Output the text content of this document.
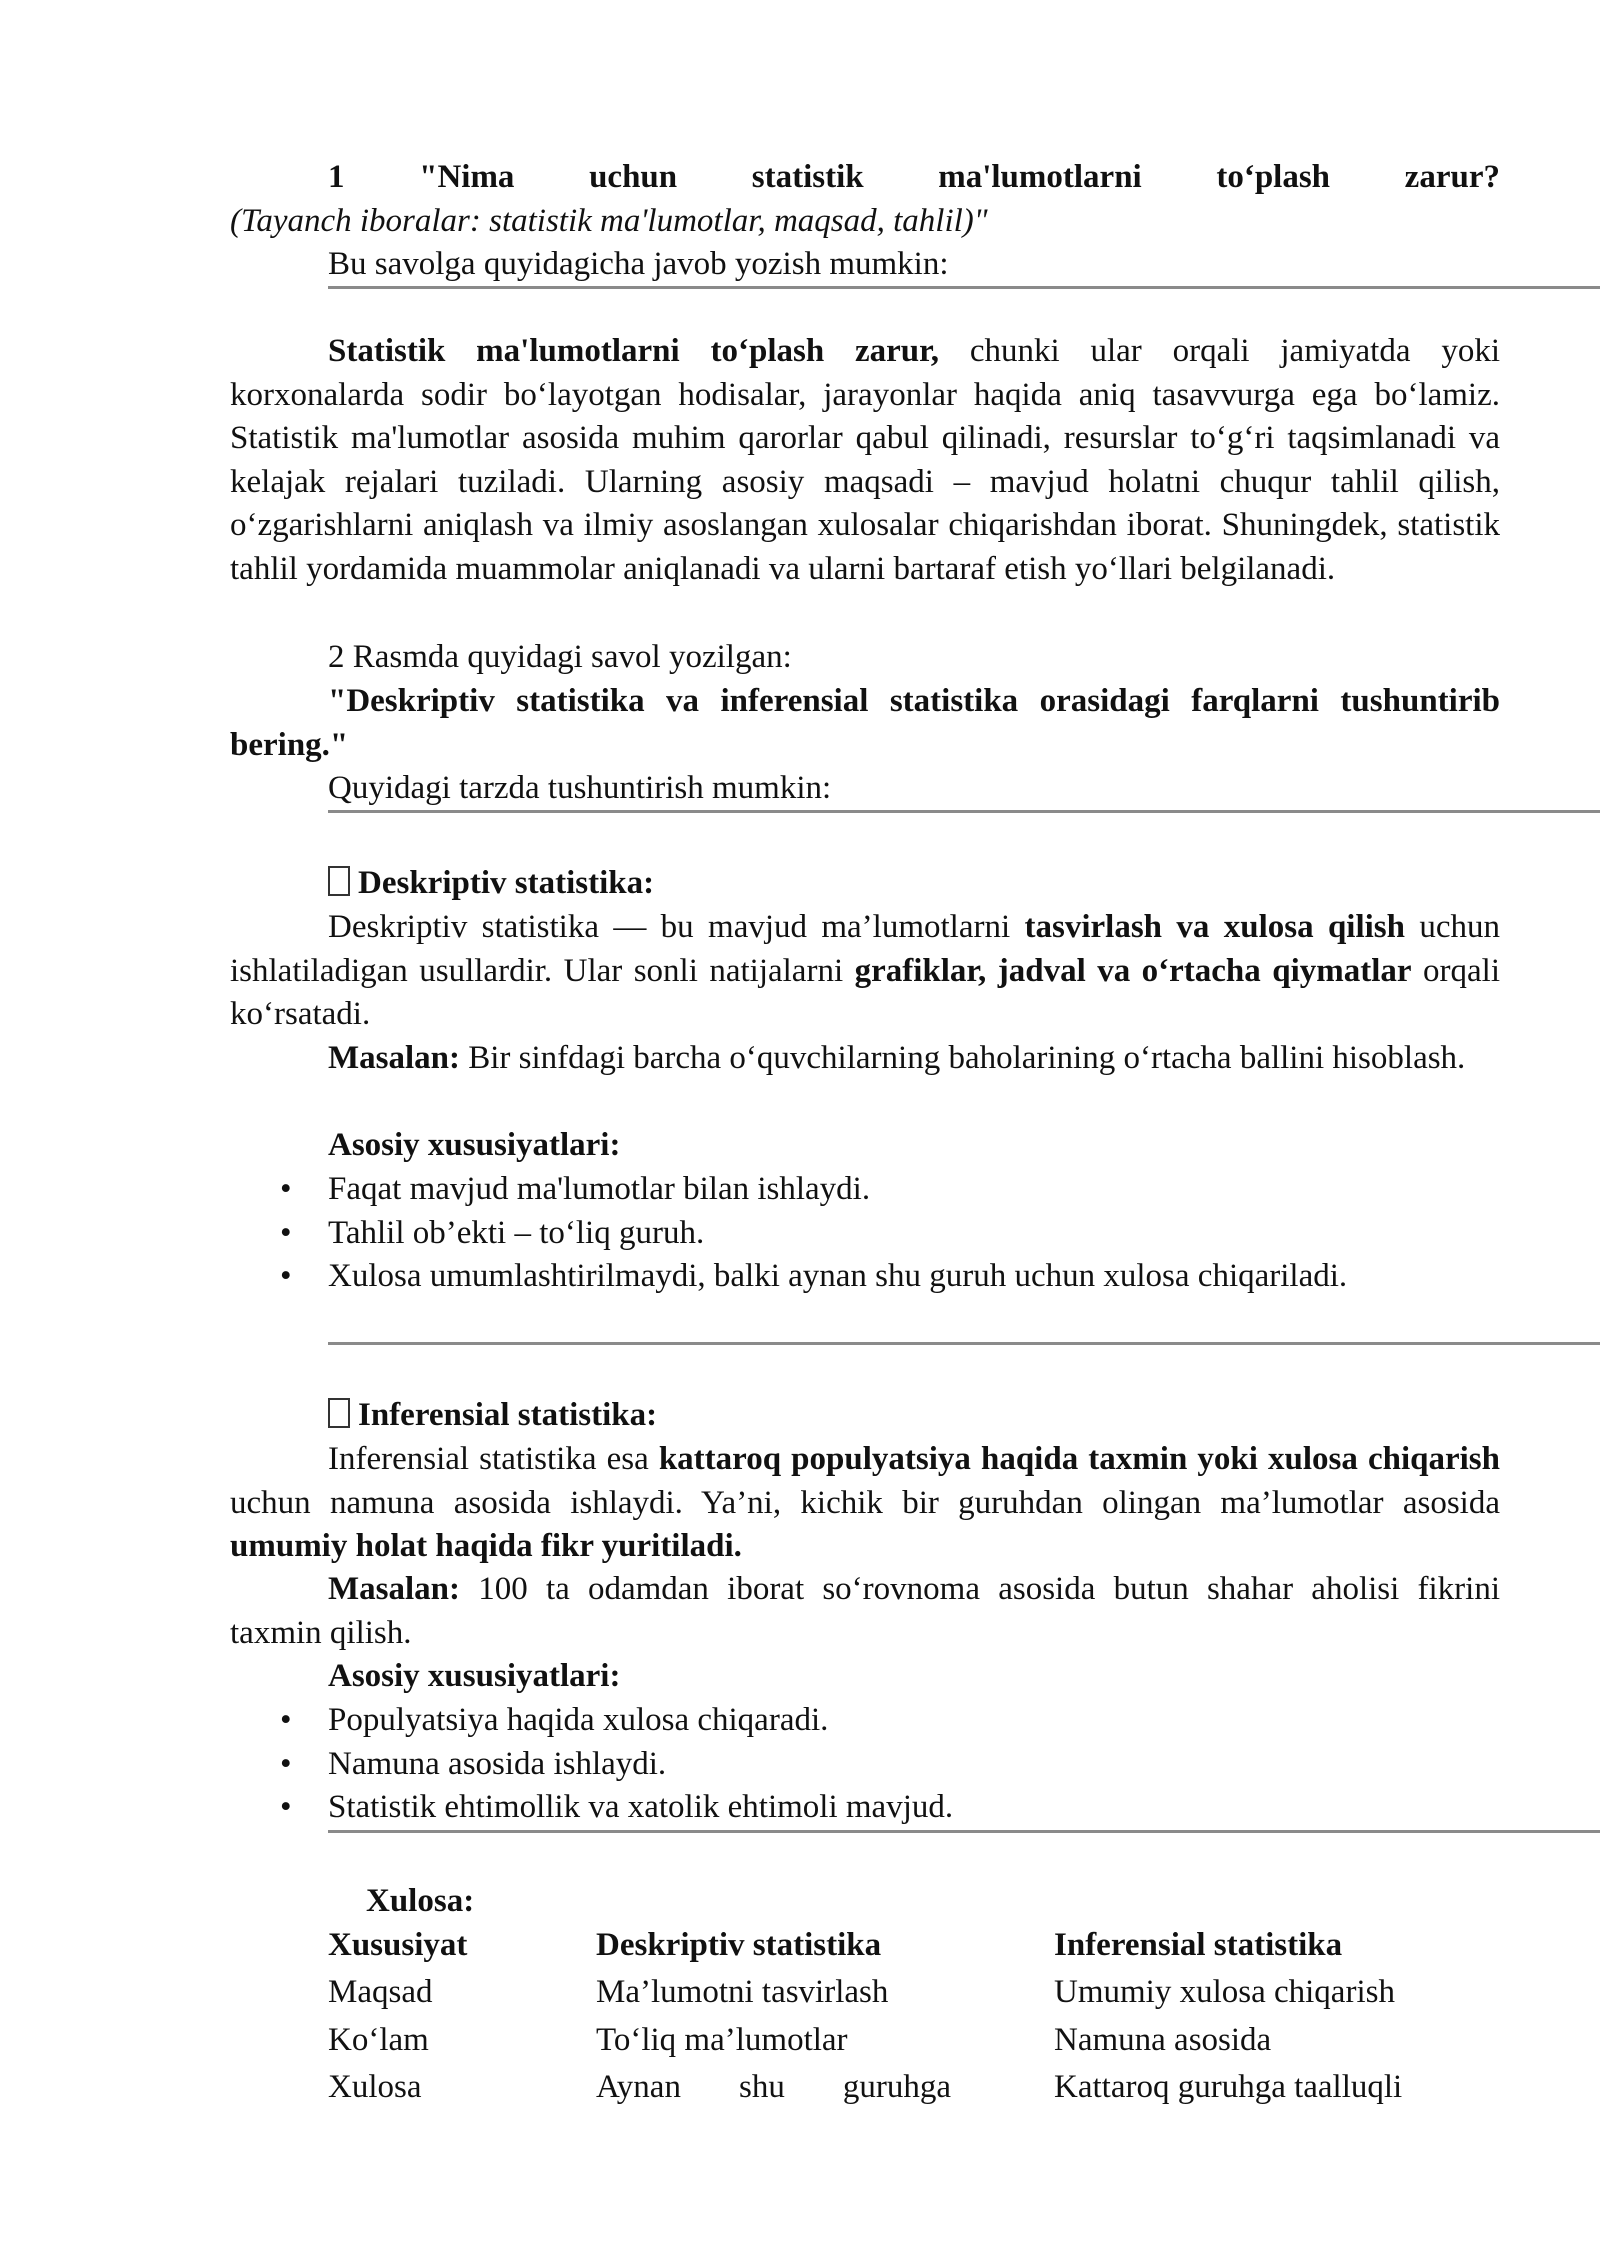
1 "Nima uchun statistik ma'lumotlarni to‘plash zarur?
(Tayanch iboralar: statistik ma'lumotlar, maqsad, tahlil)"
Bu savolga quyidagicha javob yozish mumkin:
Statistik ma'lumotlarni to‘plash zarur, chunki ular orqali jamiyatda yoki korxonalarda sodir bo‘layotgan hodisalar, jarayonlar haqida aniq tasavvurga ega bo‘lamiz. Statistik ma'lumotlar asosida muhim qarorlar qabul qilinadi, resurslar to‘g‘ri taqsimlanadi va kelajak rejalari tuziladi. Ularning asosiy maqsadi – mavjud holatni chuqur tahlil qilish, o‘zgarishlarni aniqlash va ilmiy asoslangan xulosalar chiqarishdan iborat. Shuningdek, statistik tahlil yordamida muammolar aniqlanadi va ularni bartaraf etish yo‘llari belgilanadi.
2 Rasmda quyidagi savol yozilgan:
"Deskriptiv statistika va inferensial statistika orasidagi farqlarni tushuntirib bering."
Quyidagi tarzda tushuntirish mumkin:
Deskriptiv statistika:
Deskriptiv statistika — bu mavjud ma’lumotlarni tasvirlash va xulosa qilish uchun ishlatiladigan usullardir. Ular sonli natijalarni grafiklar, jadval va o‘rtacha qiymatlar orqali ko‘rsatadi.
Masalan: Bir sinfdagi barcha o‘quvchilarning baholarining o‘rtacha ballini hisoblash.
Asosiy xususiyatlari:
• Faqat mavjud ma'lumotlar bilan ishlaydi.
• Tahlil ob’ekti – to‘liq guruh.
• Xulosa umumlashtirilmaydi, balki aynan shu guruh uchun xulosa chiqariladi.
Inferensial statistika:
Inferensial statistika esa kattaroq populyatsiya haqida taxmin yoki xulosa chiqarish uchun namuna asosida ishlaydi. Ya’ni, kichik bir guruhdan olingan ma’lumotlar asosida umumiy holat haqida fikr yuritiladi.
Masalan: 100 ta odamdan iborat so‘rovnoma asosida butun shahar aholisi fikrini taxmin qilish.
Asosiy xususiyatlari:
• Populyatsiya haqida xulosa chiqaradi.
• Namuna asosida ishlaydi.
• Statistik ehtimollik va xatolik ehtimoli mavjud.
Xulosa:
Xususiyat	Deskriptiv statistika	Inferensial statistika
Maqsad	Ma’lumotni tasvirlash	Umumiy xulosa chiqarish
Ko‘lam	To‘liq ma’lumotlar	Namuna asosida
Xulosa	Aynan shu guruhga	Kattaroq guruhga taalluqli
